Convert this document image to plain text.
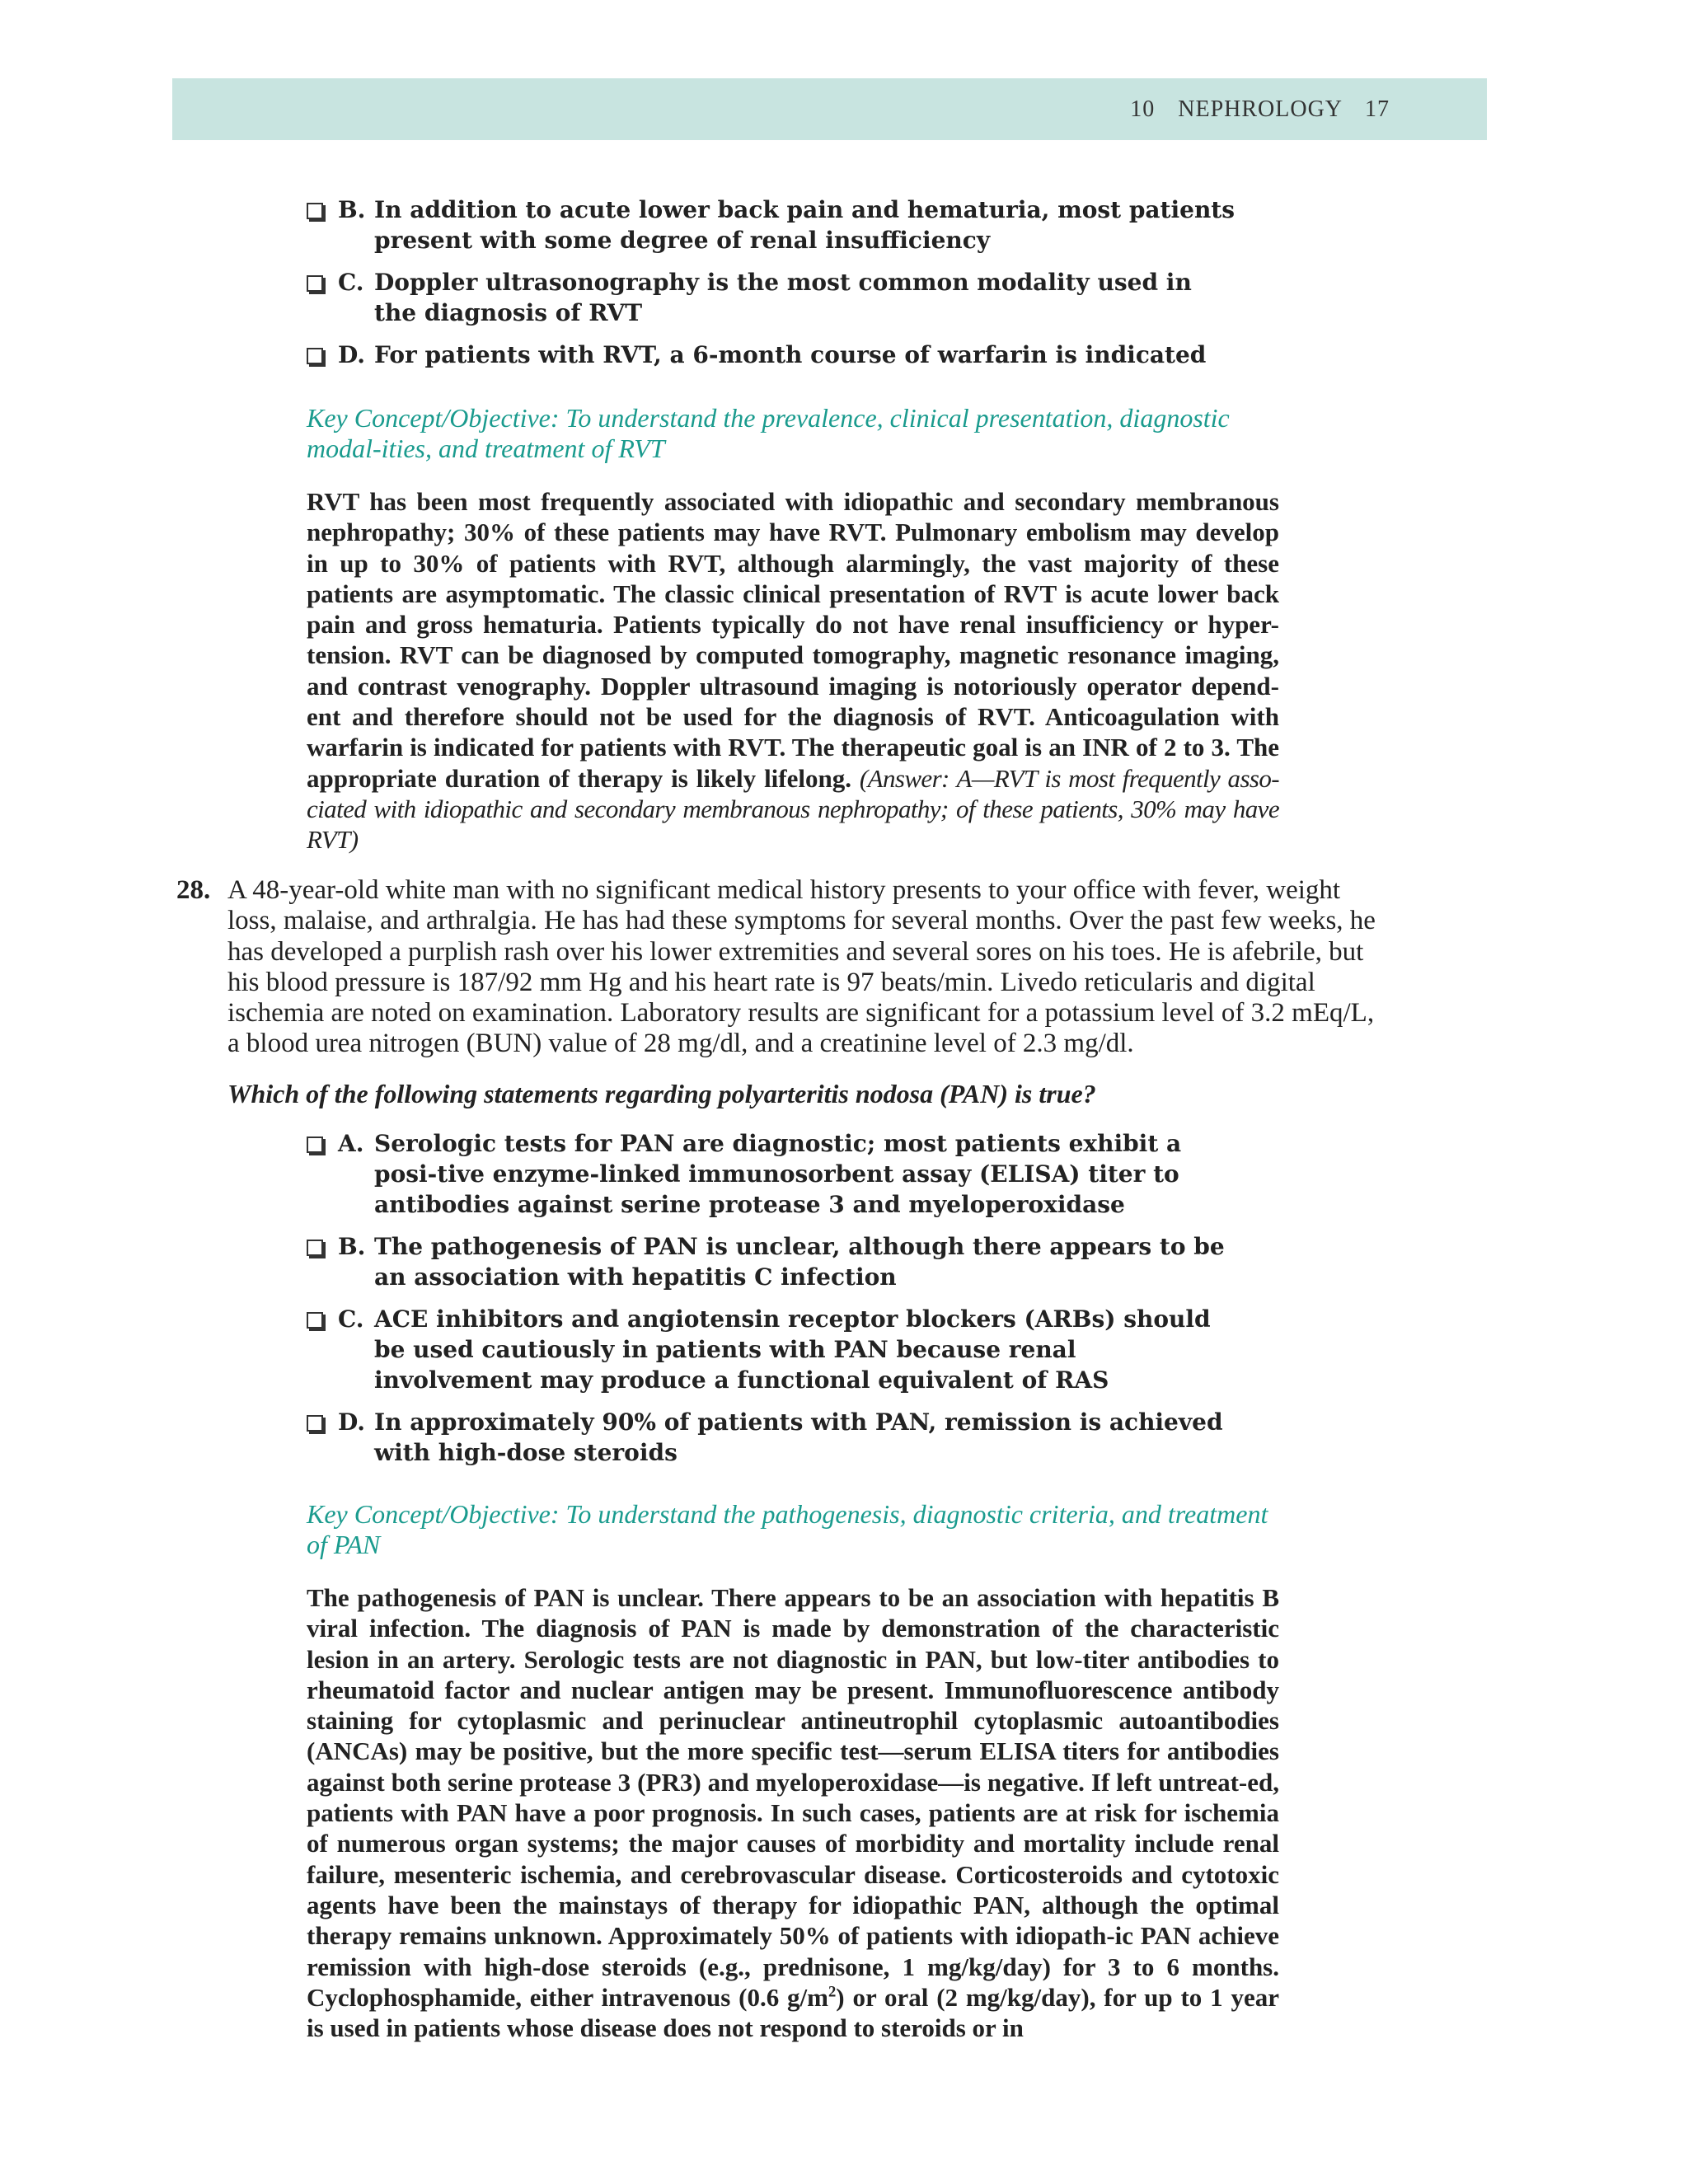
10 NEPHROLOGY 17
B. In addition to acute lower back pain and hematuria, most patients present with some degree of renal insufficiency
C. Doppler ultrasonography is the most common modality used in the diagnosis of RVT
D. For patients with RVT, a 6-month course of warfarin is indicated
Key Concept/Objective: To understand the prevalence, clinical presentation, diagnostic modal-ities, and treatment of RVT
RVT has been most frequently associated with idiopathic and secondary membranous nephropathy; 30% of these patients may have RVT. Pulmonary embolism may develop in up to 30% of patients with RVT, although alarmingly, the vast majority of these patients are asymptomatic. The classic clinical presentation of RVT is acute lower back pain and gross hematuria. Patients typically do not have renal insufficiency or hyper-tension. RVT can be diagnosed by computed tomography, magnetic resonance imaging, and contrast venography. Doppler ultrasound imaging is notoriously operator depend-ent and therefore should not be used for the diagnosis of RVT. Anticoagulation with warfarin is indicated for patients with RVT. The therapeutic goal is an INR of 2 to 3. The appropriate duration of therapy is likely lifelong. (Answer: A—RVT is most frequently asso-ciated with idiopathic and secondary membranous nephropathy; of these patients, 30% may have RVT)
28. A 48-year-old white man with no significant medical history presents to your office with fever, weight loss, malaise, and arthralgia. He has had these symptoms for several months. Over the past few weeks, he has developed a purplish rash over his lower extremities and several sores on his toes. He is afebrile, but his blood pressure is 187/92 mm Hg and his heart rate is 97 beats/min. Livedo reticularis and digital ischemia are noted on examination. Laboratory results are significant for a potassium level of 3.2 mEq/L, a blood urea nitrogen (BUN) value of 28 mg/dl, and a creatinine level of 2.3 mg/dl.
Which of the following statements regarding polyarteritis nodosa (PAN) is true?
A. Serologic tests for PAN are diagnostic; most patients exhibit a posi-tive enzyme-linked immunosorbent assay (ELISA) titer to antibodies against serine protease 3 and myeloperoxidase
B. The pathogenesis of PAN is unclear, although there appears to be an association with hepatitis C infection
C. ACE inhibitors and angiotensin receptor blockers (ARBs) should be used cautiously in patients with PAN because renal involvement may produce a functional equivalent of RAS
D. In approximately 90% of patients with PAN, remission is achieved with high-dose steroids
Key Concept/Objective: To understand the pathogenesis, diagnostic criteria, and treatment of PAN
The pathogenesis of PAN is unclear. There appears to be an association with hepatitis B viral infection. The diagnosis of PAN is made by demonstration of the characteristic lesion in an artery. Serologic tests are not diagnostic in PAN, but low-titer antibodies to rheumatoid factor and nuclear antigen may be present. Immunofluorescence antibody staining for cytoplasmic and perinuclear antineutrophil cytoplasmic autoantibodies (ANCAs) may be positive, but the more specific test—serum ELISA titers for antibodies against both serine protease 3 (PR3) and myeloperoxidase—is negative. If left untreat-ed, patients with PAN have a poor prognosis. In such cases, patients are at risk for ischemia of numerous organ systems; the major causes of morbidity and mortality include renal failure, mesenteric ischemia, and cerebrovascular disease. Corticosteroids and cytotoxic agents have been the mainstays of therapy for idiopathic PAN, although the optimal therapy remains unknown. Approximately 50% of patients with idiopath-ic PAN achieve remission with high-dose steroids (e.g., prednisone, 1 mg/kg/day) for 3 to 6 months. Cyclophosphamide, either intravenous (0.6 $g/m^2$) or oral (2 mg/kg/day), for up to 1 year is used in patients whose disease does not respond to steroids or in
